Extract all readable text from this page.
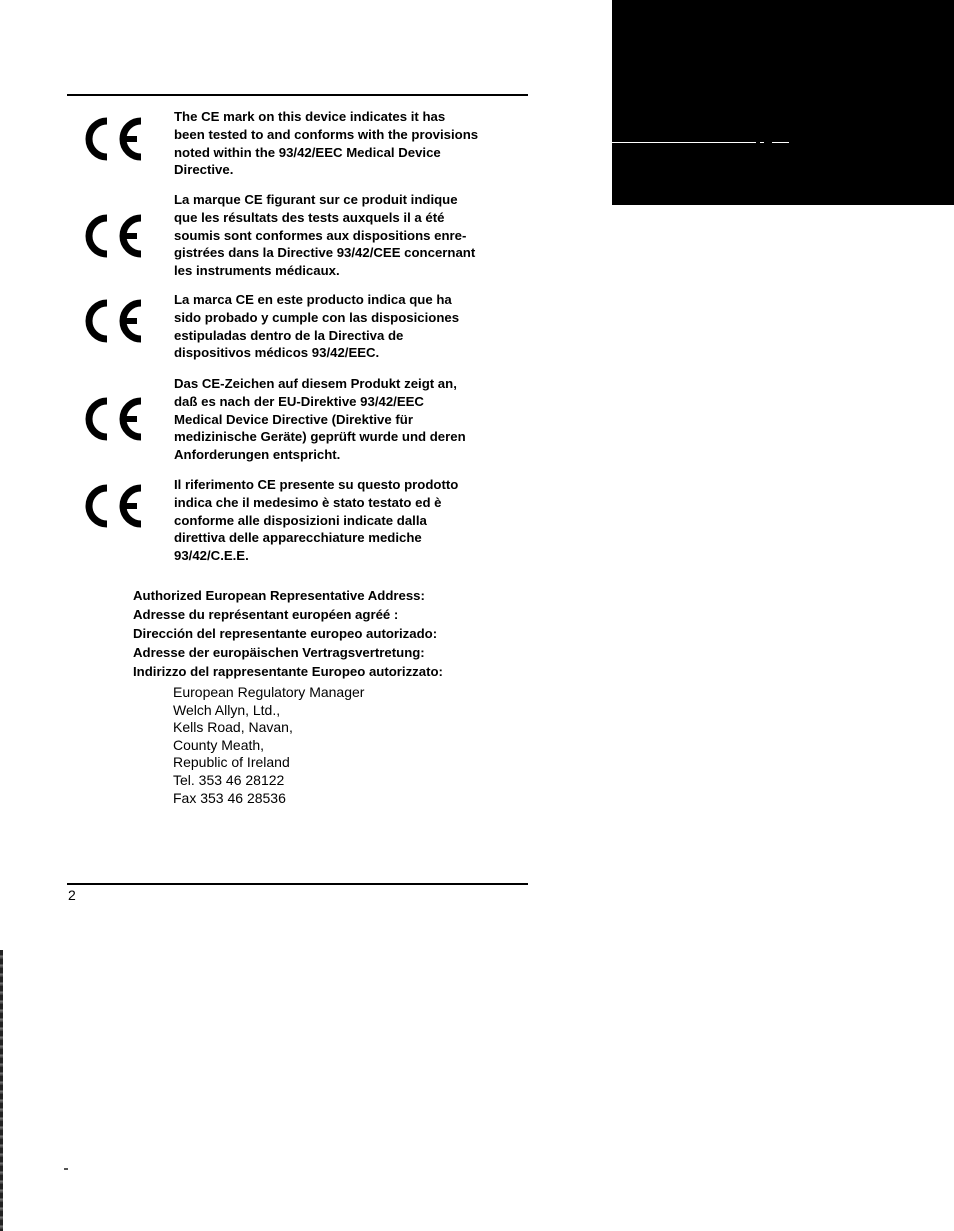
The CE mark on this device indicates it has
been tested to and conforms with the provisions
noted within the 93/42/EEC Medical Device
Directive.
La marque CE figurant sur ce produit indique
que les résultats des tests auxquels il a été
soumis sont conformes aux dispositions enre-
gistrées dans la Directive 93/42/CEE concernant
les instruments médicaux.
La marca CE en este producto indica que ha
sido probado y cumple con las disposiciones
estipuladas dentro de la Directiva de
dispositivos médicos 93/42/EEC.
Das CE-Zeichen auf diesem Produkt zeigt an,
daß es nach der EU-Direktive 93/42/EEC
Medical Device Directive (Direktive für
medizinische Geräte) geprüft wurde und deren
Anforderungen entspricht.
Il riferimento CE presente su questo prodotto
indica che il medesimo è stato testato ed è
conforme alle disposizioni indicate dalla
direttiva delle apparecchiature mediche
93/42/C.E.E.
Authorized European Representative Address:
Adresse du représentant européen agréé :
Dirección del representante europeo autorizado:
Adresse der europäischen Vertragsvertretung:
Indirizzo del rappresentante Europeo autorizzato:
European Regulatory Manager
Welch Allyn, Ltd.,
Kells Road, Navan,
County Meath,
Republic of Ireland
Tel. 353 46 28122
Fax 353 46 28536
2
